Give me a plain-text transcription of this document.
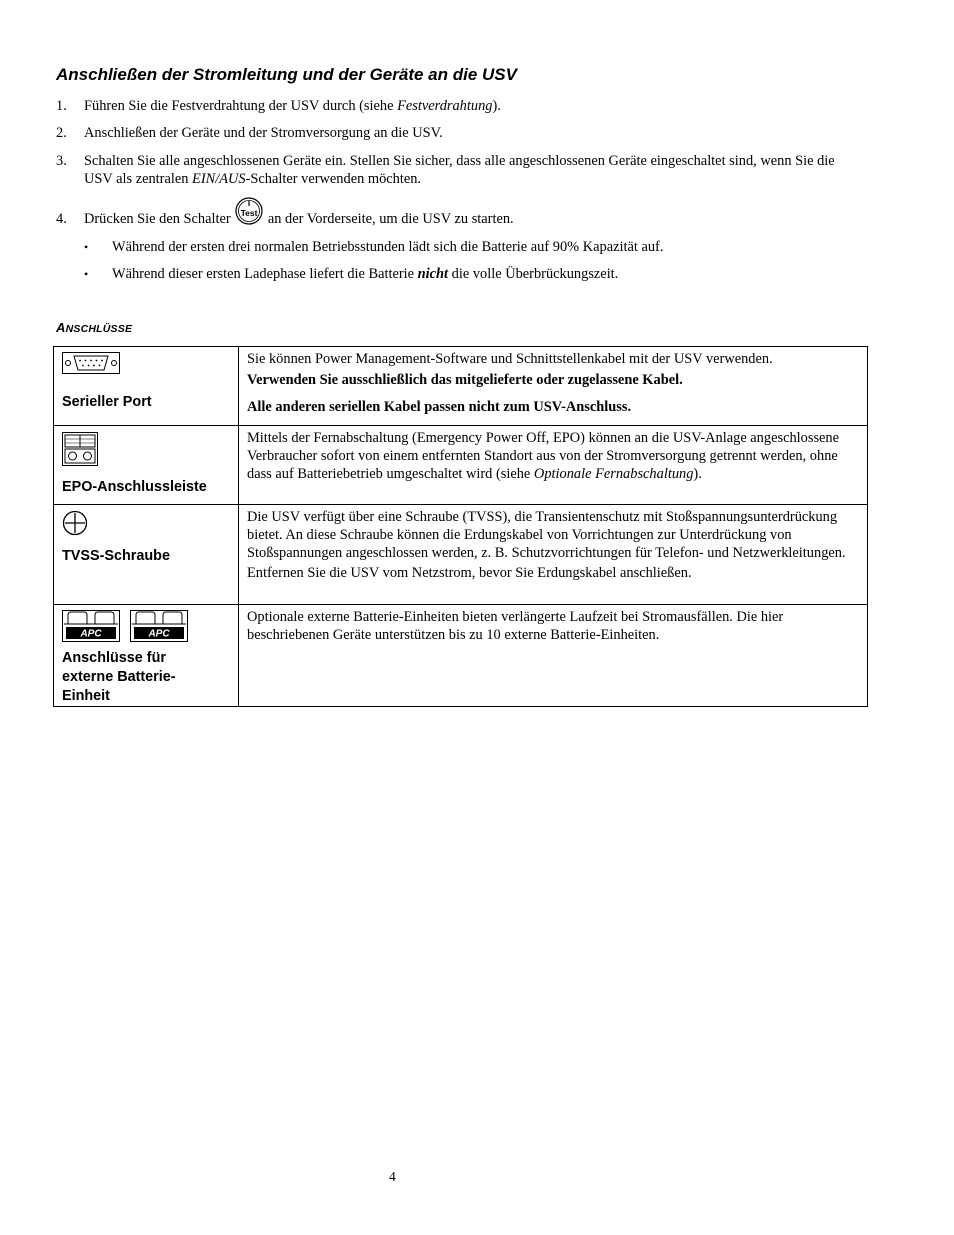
Anschließen der Stromleitung und der Geräte an die USV
1. Führen Sie die Festverdrahtung der USV durch (siehe Festverdrahtung).
2. Anschließen der Geräte und der Stromversorgung an die USV.
3. Schalten Sie alle angeschlossenen Geräte ein. Stellen Sie sicher, dass alle angeschlossenen Geräte eingeschaltet sind, wenn Sie die USV als zentralen EIN/AUS-Schalter verwenden möchten.
4. Drücken Sie den Schalter Test an der Vorderseite, um die USV zu starten.
• Während der ersten drei normalen Betriebsstunden lädt sich die Batterie auf 90% Kapazität auf.
• Während dieser ersten Ladephase liefert die Batterie nicht die volle Überbrückungszeit.
ANSCHLÜSSE
Serieller Port	Sie können Power Management-Software und Schnittstellenkabel mit der USV verwenden.

Verwenden Sie ausschließlich das mitgelieferte oder zugelassene Kabel.

Alle anderen seriellen Kabel passen nicht zum USV-Anschluss.

EPO-Anschlussleiste	Mittels der Fernabschaltung (Emergency Power Off, EPO) können an die USV-Anlage angeschlossene Verbraucher sofort von einem entfernten Standort aus von der Stromversorgung getrennt werden, ohne dass auf Batteriebetrieb umgeschaltet wird (siehe Optionale Fernabschaltung).

TVSS-Schraube	Die USV verfügt über eine Schraube (TVSS), die Transientenschutz mit Stoßspannungsunterdrückung bietet. An diese Schraube können die Erdungskabel von Vorrichtungen zur Unterdrückung von Stoßspannungen angeschlossen werden, z. B. Schutzvorrichtungen für Telefon- und Netzwerkleitungen.

Entfernen Sie die USV vom Netzstrom, bevor Sie Erdungskabel anschließen.

APC
APC
Anschlüsse für externe Batterie-Einheit	Optionale externe Batterie-Einheiten bieten verlängerte Laufzeit bei Stromausfällen. Die hier beschriebenen Geräte unterstützen bis zu 10 externe Batterie-Einheiten.

4
